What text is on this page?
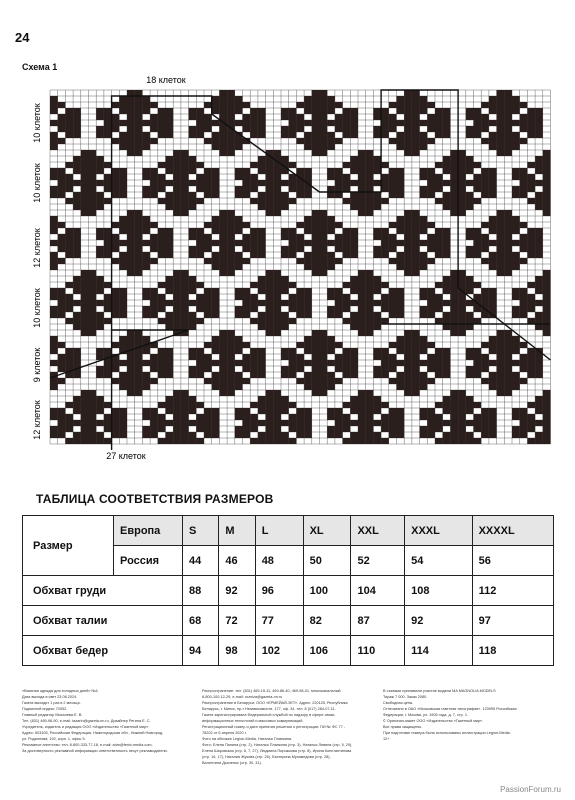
18 клеток
27 клеток
10 клеток
10 клеток
12 клеток
10 клеток
9 клеток
12 клеток
24
Схема 1
ТАБЛИЦА СООТВЕТСТВИЯ РАЗМЕРОВ
Размер	Европа	S	M	L	XL	XXL	XXXL	XXXXL
	Россия	44	46	48	50	52	54	56
Обхват груди		88	92	96	100	104	108	112
Обхват талии		68	72	77	82	87	92	97
Обхват бедер		94	98	102	106	110	114	118

«Вязаная одежда для холодных дней» №4.

Дата выхода в свет 23.08.2024.

Газета выходит 1 раз в 2 месяца.

Подписной индекс 70052.

Главный редактор Михалева Е. В.

Тел. (831) 469-98-90, e-mail: tazarin@gazeta-nn.ru. Дизайнер Регина Е. С.

Учредитель, издатель и редакция ООО «Издательство «Газетный мир».

Адрес: 603105, Российская Федерация, Нижегородская обл., Нижний Новгород,

ул. Родионова, 192, корп. 1, офис 5.

Рекламное агентство: тел. 8-800-333-77-18, e-mail: adm@fenix-media.com.

За достоверность рекламной информации ответственность несут рекламодатели.

Распространение: тел. (831) 469-15-11, 469-86-40, 469-98-01, многоканальный

8-800-100-12-29, e-mail: rozniza@gazeta-nn.ru

Распространение в Беларуси: ООО «ЕРМЕЙАЙ-ЗЕТ». Адрес: 220125, Республика

Беларусь, г. Минск, пр-т Независимости, 177, оф. 34, тел. 8 (017) 284-07-11.

Газета зарегистрирована Федеральной службой по надзору в сфере связи,

информационных технологий и массовых коммуникаций.

Регистрационный номер и дата принятия решения о регистрации: ПИ № ФС 77 -

78202 от 5 апреля 2020 г.

Фото на обложке Legion-Media, Наталья Планкина.

Фото: Елена Панина (стр. 2), Наталья Планкина (стр. 3), Наталья Левина (стр. 5, 29),

Елена Шаровская (стр. 6, 7, 27), Людмила Пирожкова (стр. 8), Ирина Константинова

(стр. 16, 17), Наталия Жукова (стр. 26), Екатерина Мухамедова (стр. 28),

Валентина Дьяченко (стр. 30, 31).

В съемках принимали участие модели MA MAGNOLIA MODELS

Тираж 7 000. Заказ 2080.

Свободная цена.

Отпечатано в ОАО «Московская газетная типография». 123995 Российская

Федерация, г. Москва, ул. 1905 года, д. 7, стр. 1.

© Оригинал-макет ООО «Издательство «Газетный мир».

Все права защищены.

При подготовке номера были использованы иллюстрации Legion-Media.

12+

PassionForum.ru
